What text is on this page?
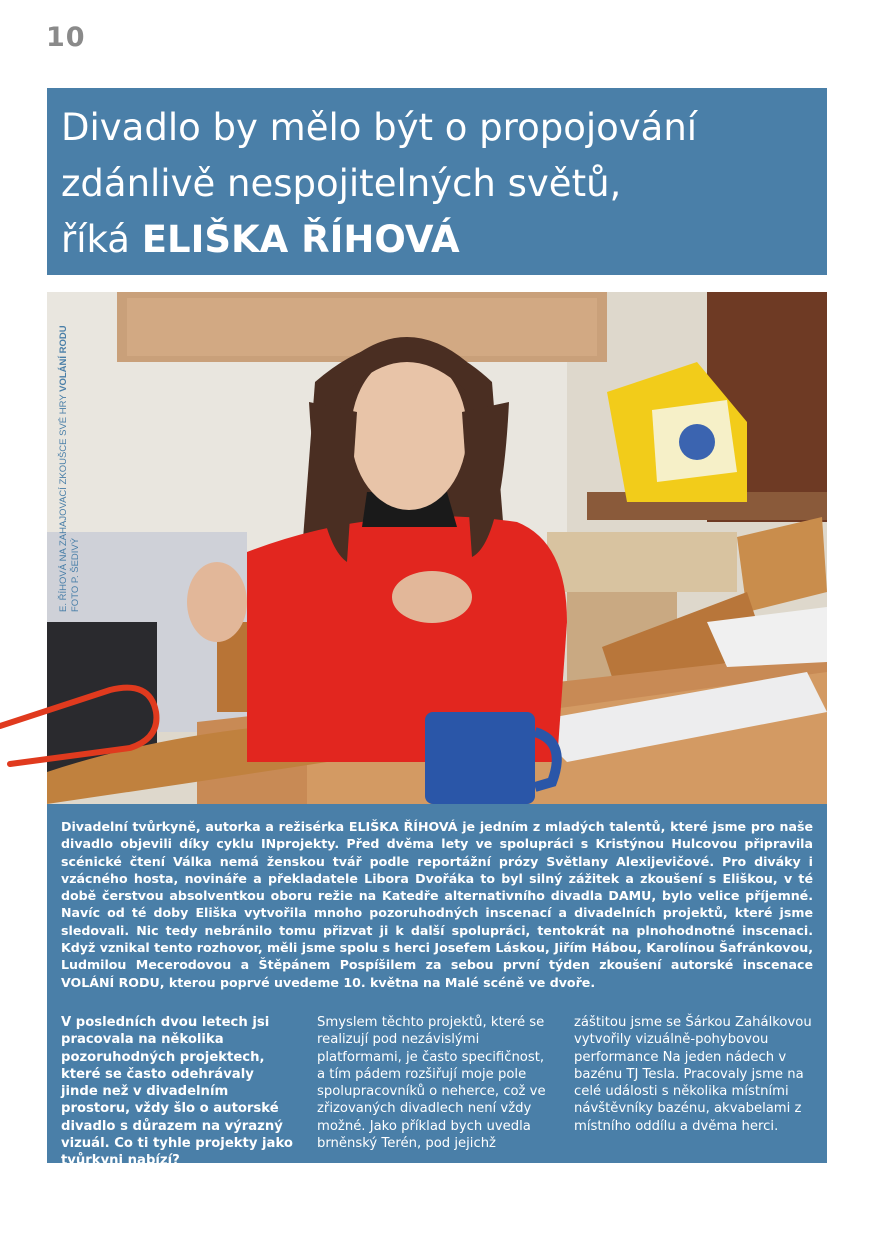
10
Divadlo by mělo být o propojování
zdánlivě nespojitelných světů,
říká ELIŠKA ŘÍHOVÁ
E. ŘÍHOVÁ NA ZAHAJOVACÍ ZKOUŠCE SVÉ HRY VOLÁNÍ RODU
FOTO P. ŠEDIVÝ

Divadelní tvůrkyně, autorka a režisérka ELIŠKA ŘÍHOVÁ je jedním z mladých talentů, které jsme pro naše divadlo objevili díky cyklu INprojekty. Před dvěma lety ve spolupráci s Kristýnou Hulcovou připravila scénické čtení Válka nemá ženskou tvář podle reportážní prózy Světlany Alexijevičové. Pro diváky i vzácného hosta, novináře a překladatele Libora Dvořáka to byl silný zážitek a zkoušení s Eliškou, v té době čerstvou absolventkou oboru režie na Katedře alternativního divadla DAMU, bylo velice příjemné. Navíc od té doby Eliška vytvořila mnoho pozoruhodných inscenací a divadelních projektů, které jsme sledovali. Nic tedy nebránilo tomu přizvat ji k další spolupráci, tentokrát na plnohodnotné inscenaci. Když vznikal tento rozhovor, měli jsme spolu s herci Josefem Láskou, Jiřím Hábou, Karolínou Šafránkovou, Ludmilou Mecerodovou a Štěpánem Pospíšilem za sebou první týden zkoušení autorské inscenace VOLÁNÍ RODU, kterou poprvé uvedeme 10. května na Malé scéně ve dvoře.

V posledních dvou letech jsi pracovala na několika pozoruhodných projektech, které se často odehrávaly jinde než v divadelním prostoru, vždy šlo o autorské divadlo s důrazem na výrazný vizuál. Co ti tyhle projekty jako tvůrkyni nabízí?

Smyslem těchto projektů, které se realizují pod nezávislými platformami, je často specifičnost, a tím pádem rozšiřují moje pole spolupracovníků o neherce, což ve zřizovaných divadlech není vždy možné. Jako příklad bych uvedla brněnský Terén, pod jejichž

záštitou jsme se Šárkou Zahálkovou vytvořily vizuálně-pohybovou performance Na jeden nádech v bazénu TJ Tesla. Pracovaly jsme na celé události s několika místními návštěvníky bazénu, akvabelami z místního oddílu a dvěma herci.
